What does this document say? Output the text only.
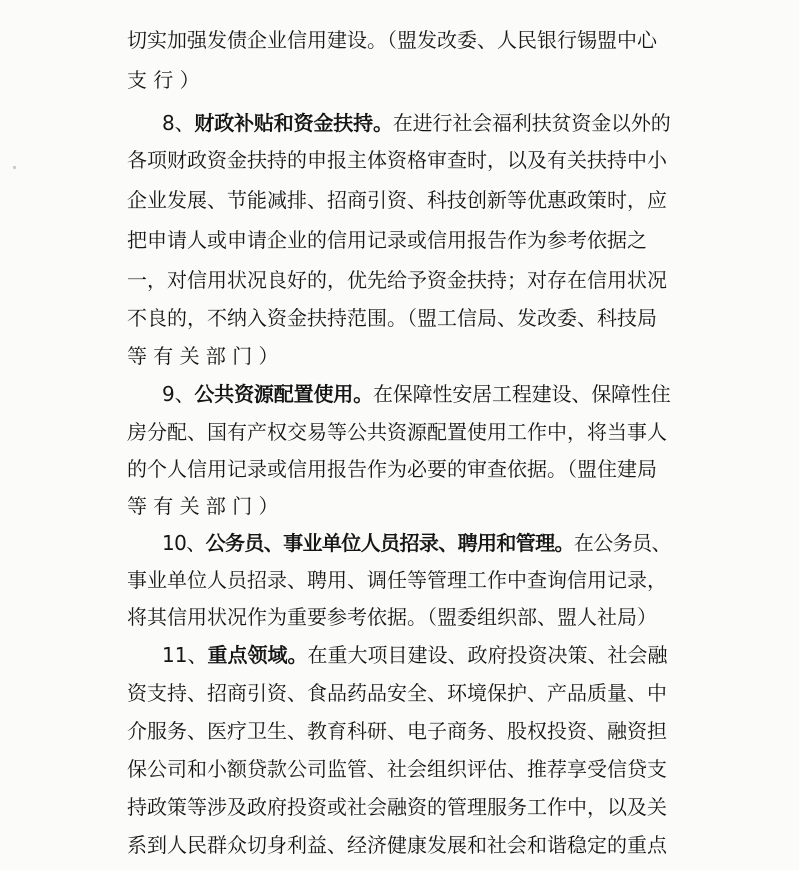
切实加强发债企业信用建设。（盟发改委、人民银行锡盟中心
支行）
8、财政补贴和资金扶持。在进行社会福利扶贫资金以外的
各项财政资金扶持的申报主体资格审查时，以及有关扶持中小
企业发展、节能减排、招商引资、科技创新等优惠政策时，应
把申请人或申请企业的信用记录或信用报告作为参考依据之
一，对信用状况良好的，优先给予资金扶持；对存在信用状况
不良的，不纳入资金扶持范围。（盟工信局、发改委、科技局
等有关部门）
9、公共资源配置使用。在保障性安居工程建设、保障性住
房分配、国有产权交易等公共资源配置使用工作中，将当事人
的个人信用记录或信用报告作为必要的审查依据。（盟住建局
等有关部门）
10、公务员、事业单位人员招录、聘用和管理。在公务员、
事业单位人员招录、聘用、调任等管理工作中查询信用记录，
将其信用状况作为重要参考依据。（盟委组织部、盟人社局）
11、重点领域。在重大项目建设、政府投资决策、社会融
资支持、招商引资、食品药品安全、环境保护、产品质量、中
介服务、医疗卫生、教育科研、电子商务、股权投资、融资担
保公司和小额贷款公司监管、社会组织评估、推荐享受信贷支
持政策等涉及政府投资或社会融资的管理服务工作中，以及关
系到人民群众切身利益、经济健康发展和社会和谐稳定的重点
